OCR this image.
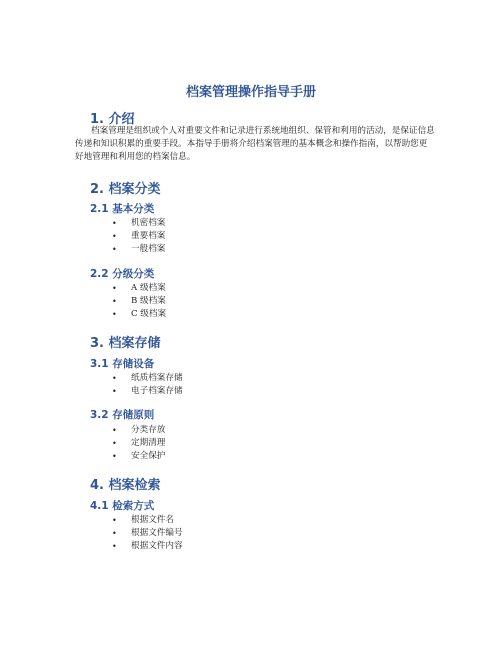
档案管理操作指导手册
1. 介绍
档案管理是组织或个人对重要文件和记录进行系统地组织、保管和利用的活动，是保证信息传递和知识积累的重要手段。本指导手册将介绍档案管理的基本概念和操作指南，以帮助您更好地管理和利用您的档案信息。
2. 档案分类
2.1 基本分类
• 机密档案
• 重要档案
• 一般档案
2.2 分级分类
• A 级档案
• B 级档案
• C 级档案
3. 档案存储
3.1 存储设备
• 纸质档案存储
• 电子档案存储
3.2 存储原则
• 分类存放
• 定期清理
• 安全保护
4. 档案检索
4.1 检索方式
• 根据文件名
• 根据文件编号
• 根据文件内容
